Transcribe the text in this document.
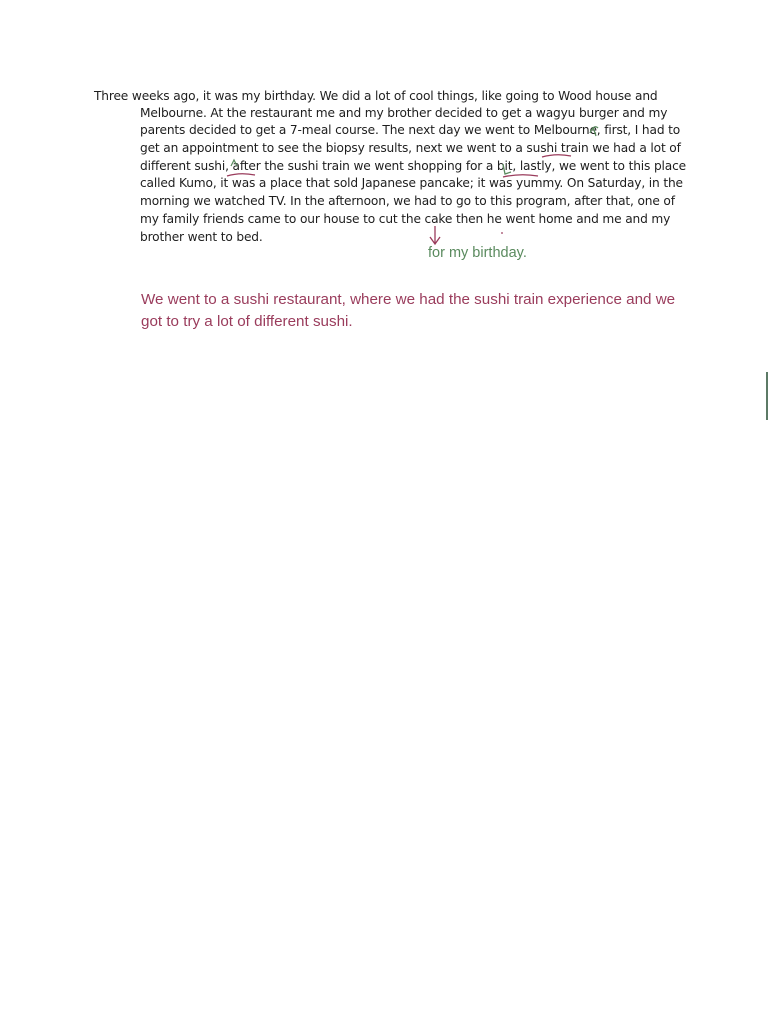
Three weeks ago, it was my birthday. We did a lot of cool things, like going to Wood house and
Melbourne. At the restaurant me and my brother decided to get a wagyu burger and my
parents decided to get a 7-meal course. The next day we went to Melbourne, first, I had to
get an appointment to see the biopsy results, next we went to a sushi train we had a lot of
different sushi, after the sushi train we went shopping for a bit, lastly, we went to this place
called Kumo, it was a place that sold Japanese pancake; it was yummy. On Saturday, in the
morning we watched TV. In the afternoon, we had to go to this program, after that, one of
my family friends came to our house to cut the cake then he went home and me and my
brother went to bed.
for my birthday.
We went to a sushi restaurant, where we had the sushi train experience and we
got to try a lot of different sushi.
